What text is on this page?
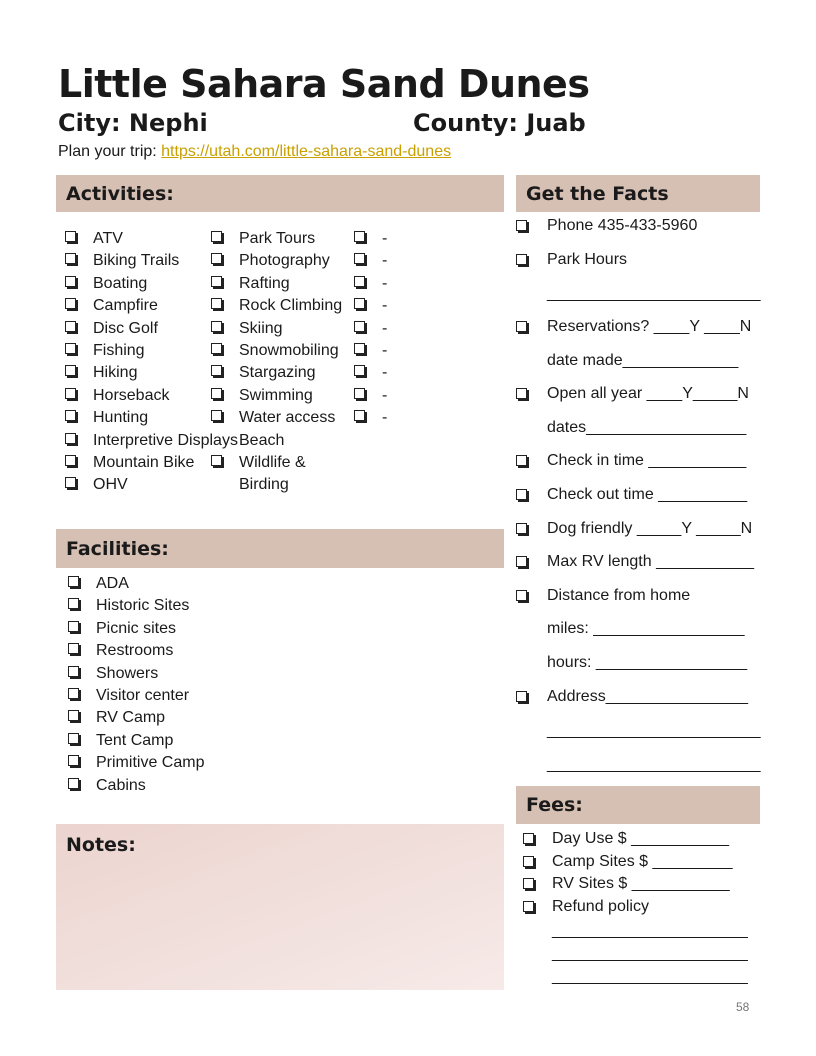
Little Sahara Sand Dunes
City: Nephi	County: Juab
Plan your trip: https://utah.com/little-sahara-sand-dunes
Activities:
ATV
Biking Trails
Boating
Campfire
Disc Golf
Fishing
Hiking
Horseback
Hunting
Interpretive Displays
Mountain Bike
OHV
Park Tours
Photography
Rafting
Rock Climbing
Skiing
Snowmobiling
Stargazing
Swimming
Water access Beach
Wildlife & Birding
-
-
-
-
-
-
-
-
-
Facilities:
ADA
Historic Sites
Picnic sites
Restrooms
Showers
Visitor center
RV Camp
Tent Camp
Primitive Camp
Cabins
Notes:
Get the Facts
Phone 435-433-5960
Park Hours
________________________
Reservations? ____Y ____N
date made_____________
Open all year ____Y_____N
dates__________________
Check in time ___________
Check out time __________
Dog friendly _____Y _____N
Max RV length ___________
Distance from home
miles: _________________
hours: _________________
Address________________
________________________
________________________
Fees:
Day Use $ ___________
Camp Sites $ _________
RV Sites $ ___________
Refund policy
______________________
______________________
______________________
58
